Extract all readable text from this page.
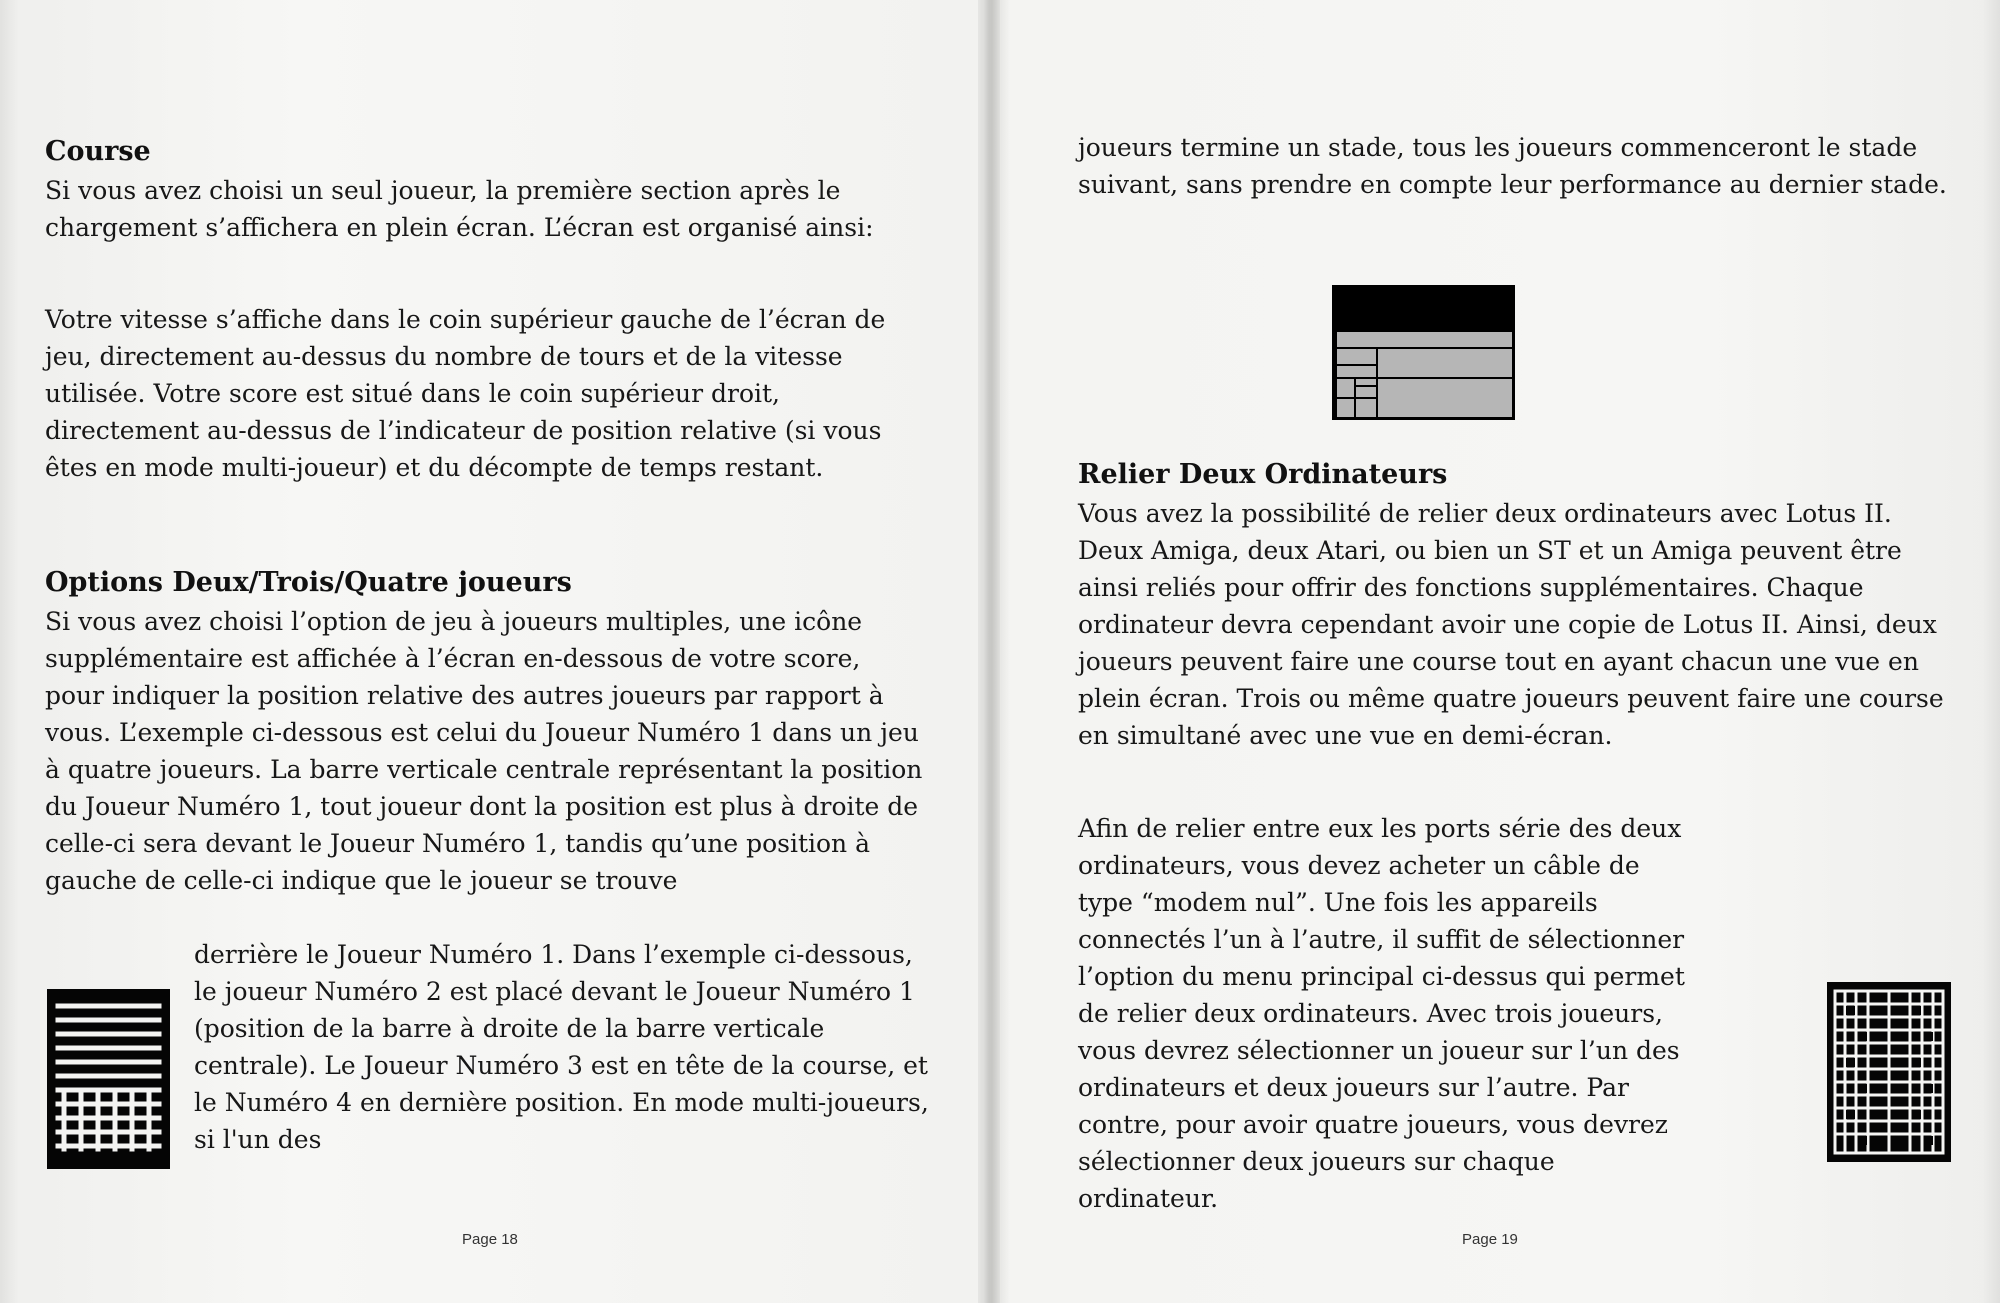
Course

Si vous avez choisi un seul joueur, la première section après le chargement s’affichera en plein écran. L’écran est organisé ainsi:

Votre vitesse s’affiche dans le coin supérieur gauche de l’écran de jeu, directement au-dessus du nombre de tours et de la vitesse utilisée. Votre score est situé dans le coin supérieur droit, directement au-dessus de l’indicateur de position relative (si vous êtes en mode multi-joueur) et du décompte de temps restant.

Options Deux/Trois/Quatre joueurs

Si vous avez choisi l’option de jeu à joueurs multiples, une icône supplémentaire est affichée à l’écran en-dessous de votre score, pour indiquer la position relative des autres joueurs par rapport à vous. L’exemple ci-dessous est celui du Joueur Numéro 1 dans un jeu à quatre joueurs. La barre verticale centrale représentant la position du Joueur Numéro 1, tout joueur dont la position est plus à droite de celle-ci sera devant le Joueur Numéro 1, tandis qu’une position à gauche de celle-ci indique que le joueur se trouve

derrière le Joueur Numéro 1. Dans l’exemple ci-dessous, le joueur Numéro 2 est placé devant le Joueur Numéro 1 (position de la barre à droite de la barre verticale centrale). Le Joueur Numéro 3 est en tête de la course, et le Numéro 4 en dernière position. En mode multi-joueurs, si l'un des

Page 18

joueurs termine un stade, tous les joueurs commenceront le stade suivant, sans prendre en compte leur performance au dernier stade.

Relier Deux Ordinateurs

Vous avez la possibilité de relier deux ordinateurs avec Lotus II. Deux Amiga, deux Atari, ou bien un ST et un Amiga peuvent être ainsi reliés pour offrir des fonctions supplémentaires. Chaque ordinateur devra cependant avoir une copie de Lotus II. Ainsi, deux joueurs peuvent faire une course tout en ayant chacun une vue en plein écran. Trois ou même quatre joueurs peuvent faire une course en simultané avec une vue en demi-écran.

Afin de relier entre eux les ports série des deux ordinateurs, vous devez acheter un câble de type “modem nul”. Une fois les appareils connectés l’un à l’autre, il suffit de sélectionner l’option du menu principal ci-dessus qui permet de relier deux ordinateurs. Avec trois joueurs, vous devrez sélectionner un joueur sur l’un des ordinateurs et deux joueurs sur l’autre. Par contre, pour avoir quatre joueurs, vous devrez sélectionner deux joueurs sur chaque ordinateur.

Page 19
